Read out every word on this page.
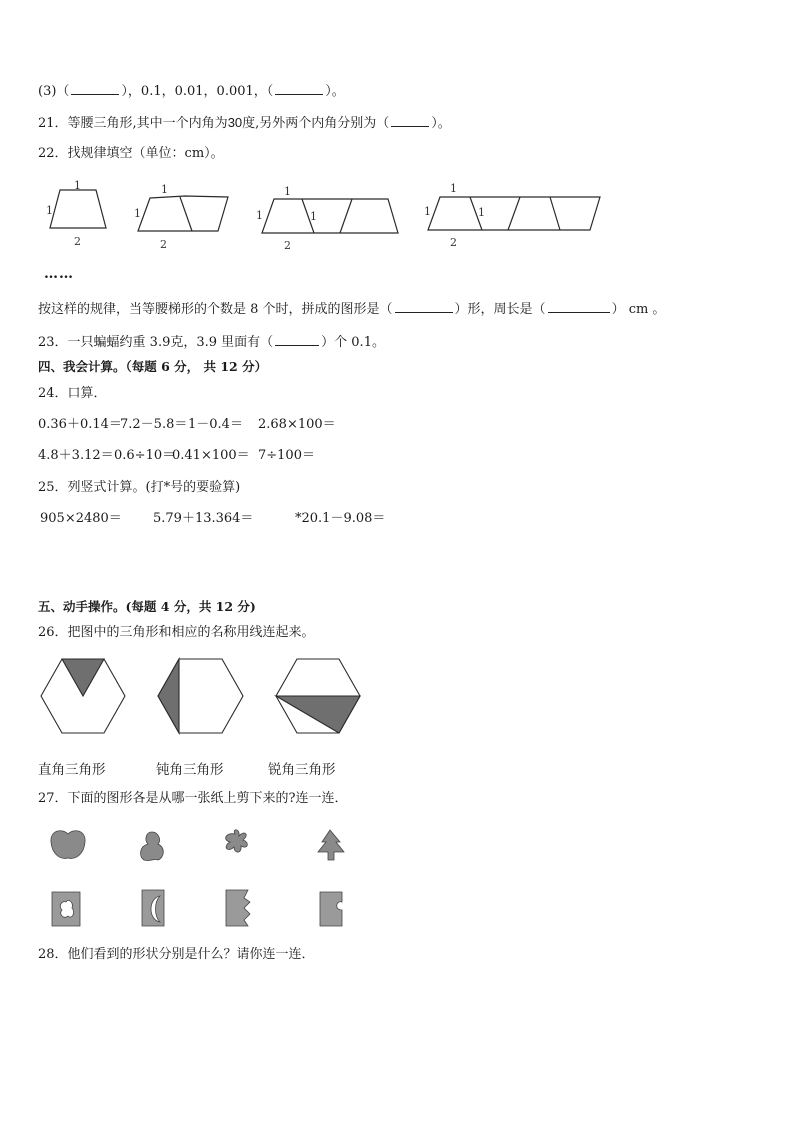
(3)（	），0.1，0.01，0.001，（	）。
21．等腰三角形,其中一个内角为30度,另外两个内角分别为（	）。
22．找规律填空（单位：cm）。
1
1
2
1
1
2
1
1	1
2
1
1	1
2
……
按这样的规律，当等腰梯形的个数是 8 个时，拼成的图形是（	）形，周长是（	） cm 。
23．一只蝙蝠约重 3.9克，3.9 里面有（	）个 0.1。
四、我会计算。（每题 6 分， 共 12 分）
24．口算．
0.36＋0.14＝7.2－5.8＝1－0.4＝ 2.68×100＝
4.8＋3.12＝0.6÷10＝0.41×100＝ 7÷100＝
25．列竖式计算。(打*号的要验算)
905×2480＝ 5.79＋13.364＝	*20.1－9.08＝
五、动手操作。(每题 4 分，共 12 分)
26．把图中的三角形和相应的名称用线连起来。
直角三角形	钝角三角形	锐角三角形
27．下面的图形各是从哪一张纸上剪下来的?连一连．
28．他们看到的形状分别是什么？请你连一连．
